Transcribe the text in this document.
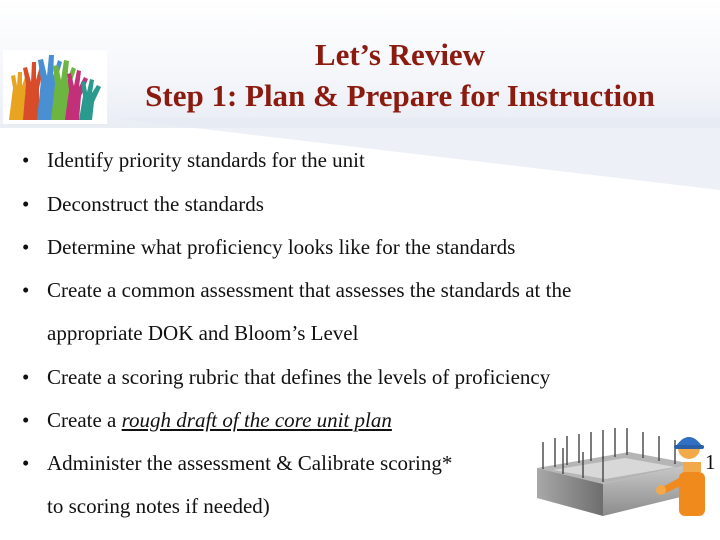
Let’s Review
Step 1: Plan & Prepare for Instruction
• Identify priority standards for the unit
• Deconstruct the standards
• Determine what proficiency looks like for the standards
• Create a common assessment that assesses the standards at the
appropriate DOK and Bloom’s Level
• Create a scoring rubric that defines the levels of proficiency
• Create a rough draft of the core unit plan
• Administer the assessment & Calibrate scoring*
to scoring notes if needed)
1
